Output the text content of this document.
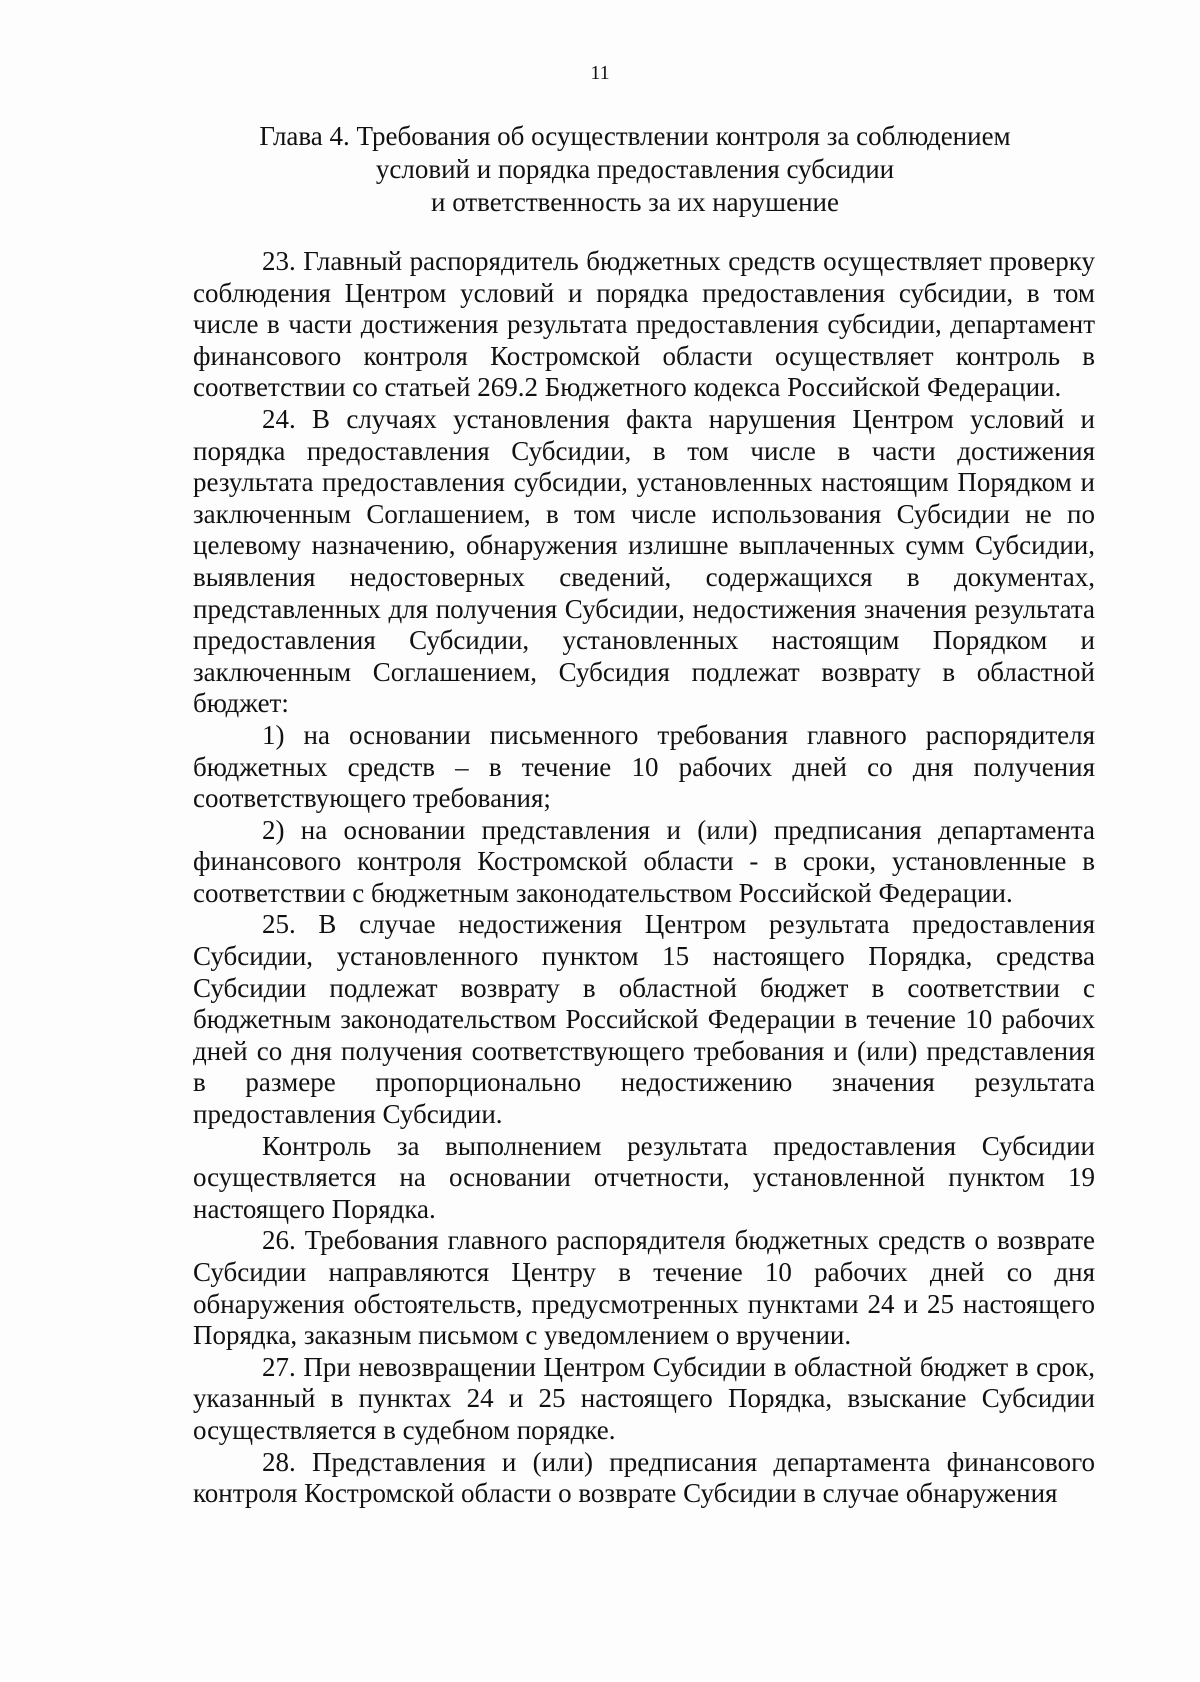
11
Глава 4. Требования об осуществлении контроля за соблюдением
условий и порядка предоставления субсидии
и ответственность за их нарушение

23. Главный распорядитель бюджетных средств осуществляет проверку соблюдения Центром условий и порядка предоставления субсидии, в том числе в части достижения результата предоставления субсидии, департамент финансового контроля Костромской области осуществляет контроль в соответствии со статьей 269.2 Бюджетного кодекса Российской Федерации.

24. В случаях установления факта нарушения Центром условий и порядка предоставления Субсидии, в том числе в части достижения результата предоставления субсидии, установленных настоящим Порядком и заключенным Соглашением, в том числе использования Субсидии не по целевому назначению, обнаружения излишне выплаченных сумм Субсидии, выявления недостоверных сведений, содержащихся в документах, представленных для получения Субсидии, недостижения значения результата предоставления Субсидии, установленных настоящим Порядком и заключенным Соглашением, Субсидия подлежат возврату в областной бюджет:

1) на основании письменного требования главного распорядителя бюджетных средств – в течение 10 рабочих дней со дня получения соответствующего требования;

2) на основании представления и (или) предписания департамента финансового контроля Костромской области - в сроки, установленные в соответствии с бюджетным законодательством Российской Федерации.

25. В случае недостижения Центром результата предоставления Субсидии, установленного пунктом 15 настоящего Порядка, средства Субсидии подлежат возврату в областной бюджет в соответствии с бюджетным законодательством Российской Федерации в течение 10 рабочих дней со дня получения соответствующего требования и (или) представления в размере пропорционально недостижению значения результата предоставления Субсидии.

Контроль за выполнением результата предоставления Субсидии осуществляется на основании отчетности, установленной пунктом 19 настоящего Порядка.

26. Требования главного распорядителя бюджетных средств о возврате Субсидии направляются Центру в течение 10 рабочих дней со дня обнаружения обстоятельств, предусмотренных пунктами 24 и 25 настоящего Порядка, заказным письмом с уведомлением о вручении.

27. При невозвращении Центром Субсидии в областной бюджет в срок, указанный в пунктах 24 и 25 настоящего Порядка, взыскание Субсидии осуществляется в судебном порядке.

28. Представления и (или) предписания департамента финансового контроля Костромской области о возврате Субсидии в случае обнаружения
